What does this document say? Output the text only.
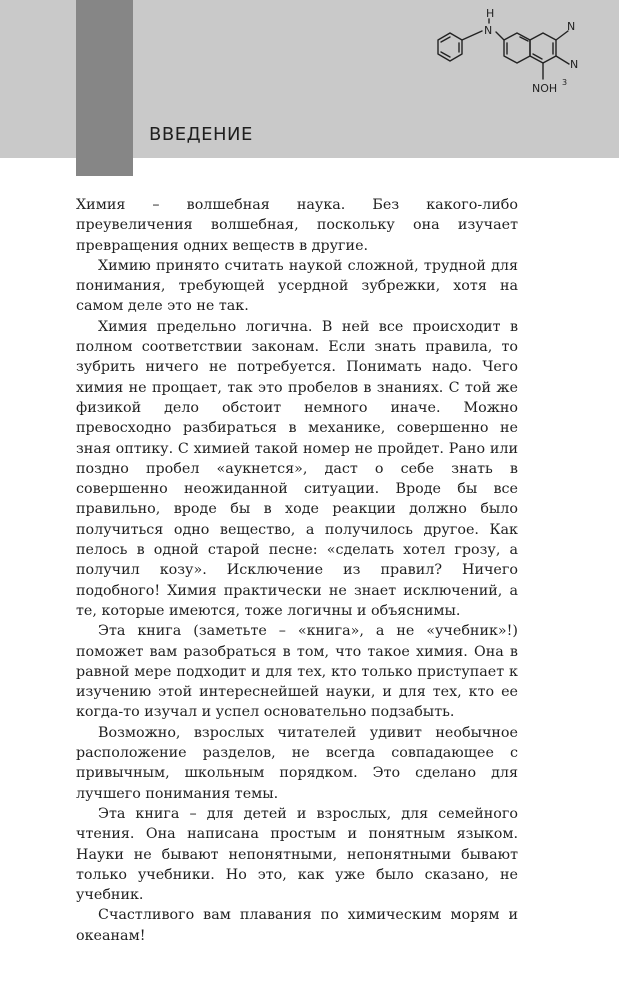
ВВЕДЕНИЕ
H
N	N
N
NOH 3

Химия – волшебная наука. Без какого-либо преувеличения волшебная, поскольку она изучает превращения одних веществ в другие.

Химию принято считать наукой сложной, трудной для понимания, требующей усердной зубрежки, хотя на самом деле это не так.

Химия предельно логична. В ней все происходит в полном соответствии законам. Если знать правила, то зубрить ничего не потребуется. Понимать надо. Чего химия не прощает, так это пробелов в знаниях. С той же физикой дело обстоит немного иначе. Можно превосходно разбираться в механике, совершенно не зная оптику. С химией такой номер не пройдет. Рано или поздно пробел «аукнется», даст о себе знать в совершенно неожиданной ситуации. Вроде бы все правильно, вроде бы в ходе реакции должно было получиться одно вещество, а получилось другое. Как пелось в одной старой песне: «сделать хотел грозу, а получил козу». Исключение из правил? Ничего подобного! Химия практически не знает исключений, а те, которые имеются, тоже логичны и объяснимы.

Эта книга (заметьте – «книга», а не «учебник»!) поможет вам разобраться в том, что такое химия. Она в равной мере подходит и для тех, кто только приступает к изучению этой интереснейшей науки, и для тех, кто ее когда-то изучал и успел основательно подзабыть.

Возможно, взрослых читателей удивит необычное расположение разделов, не всегда совпадающее с привычным, школьным порядком. Это сделано для лучшего понимания темы.

Эта книга – для детей и взрослых, для семейного чтения. Она написана простым и понятным языком. Науки не бывают непонятными, непонятными бывают только учебники. Но это, как уже было сказано, не учебник.

Счастливого вам плавания по химическим морям и океанам!
